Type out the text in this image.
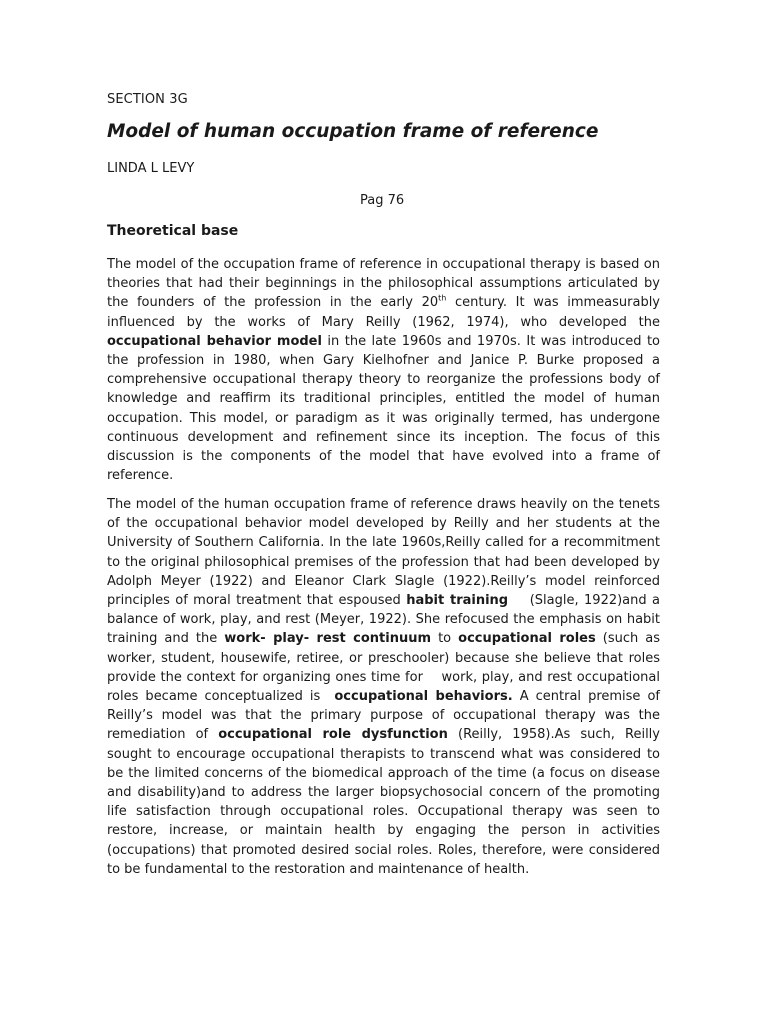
SECTION 3G
Model of human occupation frame of reference
LINDA L LEVY
Pag 76
Theoretical base

The model of the occupation frame of reference in occupational therapy is based on theories that had their beginnings in the philosophical assumptions articulated by the founders of the profession in the early 20th century. It was immeasurably influenced by the works of Mary Reilly (1962, 1974), who developed the occupational behavior model in the late 1960s and 1970s. It was introduced to the profession in 1980, when Gary Kielhofner and Janice P. Burke proposed a comprehensive occupational therapy theory to reorganize the professions body of knowledge and reaffirm its traditional principles, entitled the model of human occupation. This model, or paradigm as it was originally termed, has undergone continuous development and refinement since its inception. The focus of this discussion is the components of the model that have evolved into a frame of reference.

The model of the human occupation frame of reference draws heavily on the tenets of the occupational behavior model developed by Reilly and her students at the University of Southern California. In the late 1960s,Reilly called for a recommitment to the original philosophical premises of the profession that had been developed by Adolph Meyer (1922) and Eleanor Clark Slagle (1922).Reilly’s model reinforced principles of moral treatment that espoused habit training    (Slagle, 1922)and a balance of work, play, and rest (Meyer, 1922). She refocused the emphasis on habit training and the work- play- rest continuum to occupational roles (such as worker, student, housewife, retiree, or preschooler) because she believe that roles provide the context for organizing ones time for    work, play, and rest occupational roles became conceptualized is  occupational behaviors. A central premise of Reilly’s model was that the primary purpose of occupational therapy was the remediation of occupational role dysfunction (Reilly, 1958).As such, Reilly sought to encourage occupational therapists to transcend what was considered to be the limited concerns of the biomedical approach of the time (a focus on disease and disability)and to address the larger biopsychosocial concern of the promoting life satisfaction through occupational roles. Occupational therapy was seen to restore, increase, or maintain health by engaging the person in activities (occupations) that promoted desired social roles. Roles, therefore, were considered to be fundamental to the restoration and maintenance of health.
